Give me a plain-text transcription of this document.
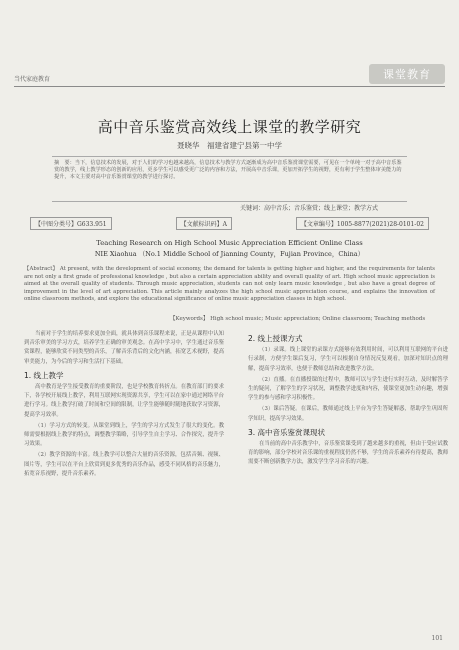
当代家庭教育	课堂教育
高中音乐鉴赏高效线上课堂的教学研究
聂晓华　福建省建宁县第一中学
摘　要：当下，信息技术的发展，对于人们的学习也越来越高，信息技术与教学方式逐渐成为高中音乐鉴赏课堂需要，可见在一个单纯一对于高中音乐鉴赏的教学，线上教学形态的创新的应用，更多学生可以感受更广泛的内容和方法，开展高中音乐课，更加开拓学生的视野，更有利于学生整体审美能力的提升，本文主要对高中音乐鉴赏课堂的教学进行探讨。
关键词：高中音乐；音乐鉴赏；线上课堂；教学方式
【中图分类号】G633.951	【文献标识码】A	【文章编号】1005-8877(2021)28-0101-02
Teaching Research on High School Music Appreciation Efficient Online Class
NIE Xiaohua （No.1 Middle School of Jianning County，Fujian Province，China）
【Abstract】 At present, with the development of social economy, the demand for talents is getting higher and higher, and the requirements for talents are not only a first grade of professional knowledge , but also a certain appreciation ability and overall quality of art. High school music appreciation is aimed at the overall quality of students. Through music appreciation, students can not only learn music knowledge , but also have a great degree of improvement in the level of art appreciation. This article mainly analyzes the high school music appreciation course, and explains the innovation of online classroom methods, and explore the educational significance of online music appreciation classes in high school.
【Keywords】 High school music; Music appreciation; Online classroom; Teaching methods

当前对于学生的培养要求更加全面，就具体到音乐课程来说，正是从课程中认知到音乐审美的学习方式，培养学生正确的审美观念。在高中学习中，学生通过音乐鉴赏课程，能够欣赏不同类型的音乐，了解音乐背后的文化内涵，拓宽艺术视野，提高审美能力，为今后的学习和生活打下基础。

1. 线上教学

高中教育是学生接受教育的重要阶段，也是学校教育转折点。在教育部门的要求下，各学校开展线上教学，利用互联网实现资源共享，学生可以在家中通过网络平台进行学习。线上教学打破了时间和空间的限制，让学生能够随时随地获取学习资源，提高学习效率。

（1）学习方式的转变。从课堂到线上，学生的学习方式发生了很大的变化。教师需要根据线上教学的特点，调整教学策略，引导学生自主学习、合作探究，提升学习效果。

（2）教学资源的丰富。线上教学可以整合大量的音乐资源，包括音频、视频、图片等，学生可以在平台上欣赏到更多优秀的音乐作品，感受不同风格的音乐魅力，拓宽音乐视野，提升音乐素养。

2. 线上授课方式

（1）录课。线上课堂的录课方式能够有效利用时间，可以利用互联网的平台进行录制，方便学生课后复习，学生可以根据自身情况反复观看，加深对知识点的理解，提高学习效率，也便于教师总结和改进教学方法。

（2）直播。在直播授课的过程中，教师可以与学生进行实时互动，及时解答学生的疑问，了解学生的学习状况，调整教学进度和内容，使课堂更加生动有趣，增强学生的参与感和学习积极性。

（3）课后答疑。在课后，教师通过线上平台为学生答疑解惑，帮助学生巩固所学知识，提高学习效果。

3. 高中音乐鉴赏课现状

在当前的高中音乐教学中，音乐鉴赏课受到了越来越多的重视，但由于受应试教育的影响，部分学校对音乐课的重视程度仍然不够，学生的音乐素养有待提高，教师需要不断创新教学方法，激发学生学习音乐的兴趣。

101
